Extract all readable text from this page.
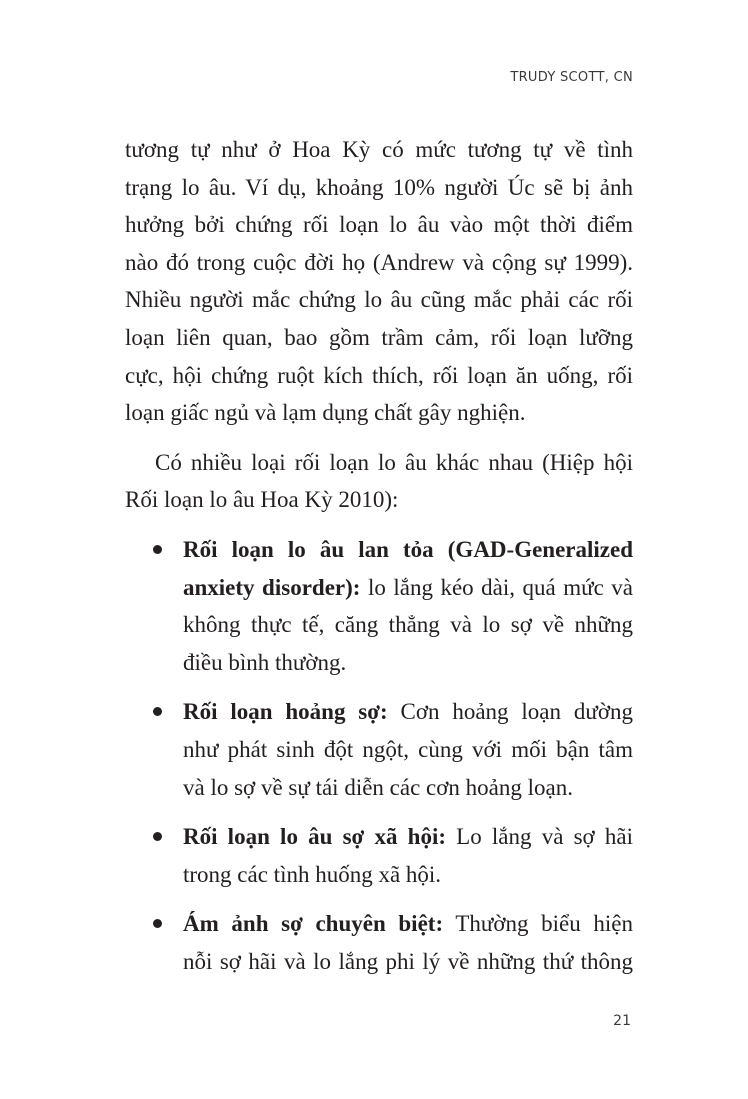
TRUDY SCOTT, CN
tương tự như ở Hoa Kỳ có mức tương tự về tình
trạng lo âu. Ví dụ, khoảng 10% người Úc sẽ bị ảnh
hưởng bởi chứng rối loạn lo âu vào một thời điểm
nào đó trong cuộc đời họ (Andrew và cộng sự 1999).
Nhiều người mắc chứng lo âu cũng mắc phải các rối
loạn liên quan, bao gồm trầm cảm, rối loạn lưỡng
cực, hội chứng ruột kích thích, rối loạn ăn uống, rối
loạn giấc ngủ và lạm dụng chất gây nghiện.
Có nhiều loại rối loạn lo âu khác nhau (Hiệp hội
Rối loạn lo âu Hoa Kỳ 2010):
Rối loạn lo âu lan tỏa (GAD-Generalized
anxiety disorder): lo lắng kéo dài, quá mức và
không thực tế, căng thẳng và lo sợ về những
điều bình thường.
Rối loạn hoảng sợ: Cơn hoảng loạn dường
như phát sinh đột ngột, cùng với mối bận tâm
và lo sợ về sự tái diễn các cơn hoảng loạn.
Rối loạn lo âu sợ xã hội: Lo lắng và sợ hãi
trong các tình huống xã hội.
Ám ảnh sợ chuyên biệt: Thường biểu hiện
nỗi sợ hãi và lo lắng phi lý về những thứ thông
21
